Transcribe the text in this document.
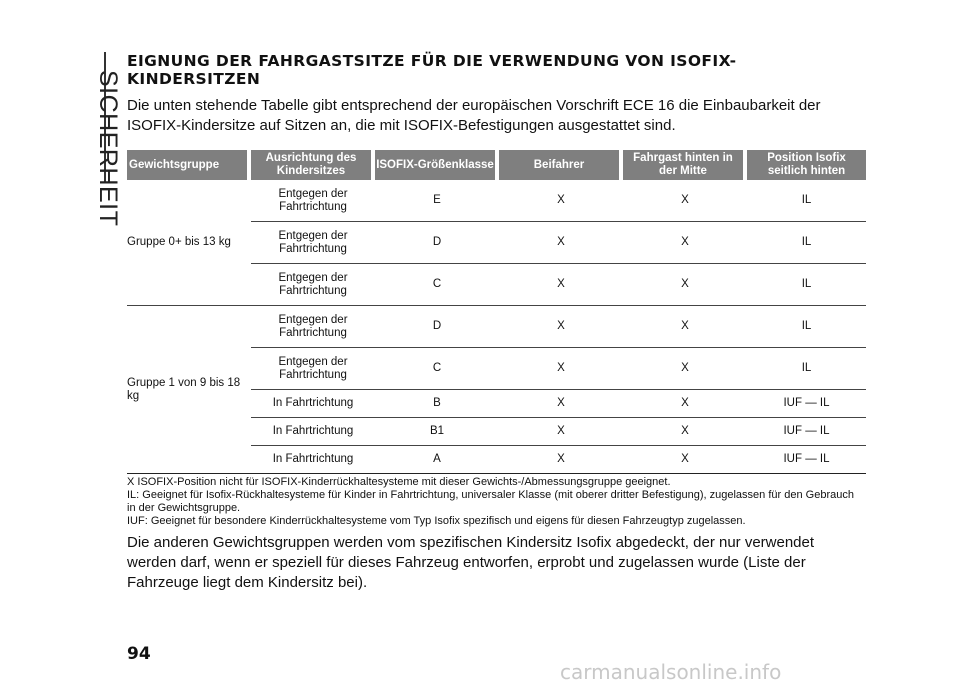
SICHERHEIT
EIGNUNG DER FAHRGASTSITZE FÜR DIE VERWENDUNG VON ISOFIX-KINDERSITZEN

Die unten stehende Tabelle gibt entsprechend der europäischen Vorschrift ECE 16 die Einbaubarkeit der ISOFIX-Kindersitze auf Sitzen an, die mit ISOFIX-Befestigungen ausgestattet sind.

Gewichtsgruppe		Ausrichtung des Kindersitzes		ISOFIX-Größenklasse		Beifahrer		Fahrgast hinten in der Mitte		Position Isofix seitlich hinten
Gruppe 0+ bis 13 kg		Entgegen der Fahrtrichtung		E		X		X		IL
		Entgegen der Fahrtrichtung		D		X		X		IL
		Entgegen der Fahrtrichtung		C		X		X		IL
Gruppe 1 von 9 bis 18 kg		Entgegen der Fahrtrichtung		D		X		X		IL
		Entgegen der Fahrtrichtung		C		X		X		IL
		In Fahrtrichtung		B		X		X		IUF — IL
		In Fahrtrichtung		B1		X		X		IUF — IL
		In Fahrtrichtung		A		X		X		IUF — IL

X ISOFIX-Position nicht für ISOFIX-Kinderrückhaltesysteme mit dieser Gewichts-/Abmessungsgruppe geeignet.

IL: Geeignet für Isofix-Rückhaltesysteme für Kinder in Fahrtrichtung, universaler Klasse (mit oberer dritter Befestigung), zugelassen für den Gebrauch in der Gewichtsgruppe.

IUF: Geeignet für besondere Kinderrückhaltesysteme vom Typ Isofix spezifisch und eigens für diesen Fahrzeugtyp zugelassen.

Die anderen Gewichtsgruppen werden vom spezifischen Kindersitz Isofix abgedeckt, der nur verwendet werden darf, wenn er speziell für dieses Fahrzeug entworfen, erprobt und zugelassen wurde (Liste der Fahrzeuge liegt dem Kindersitz bei).

94
carmanualsonline.info
